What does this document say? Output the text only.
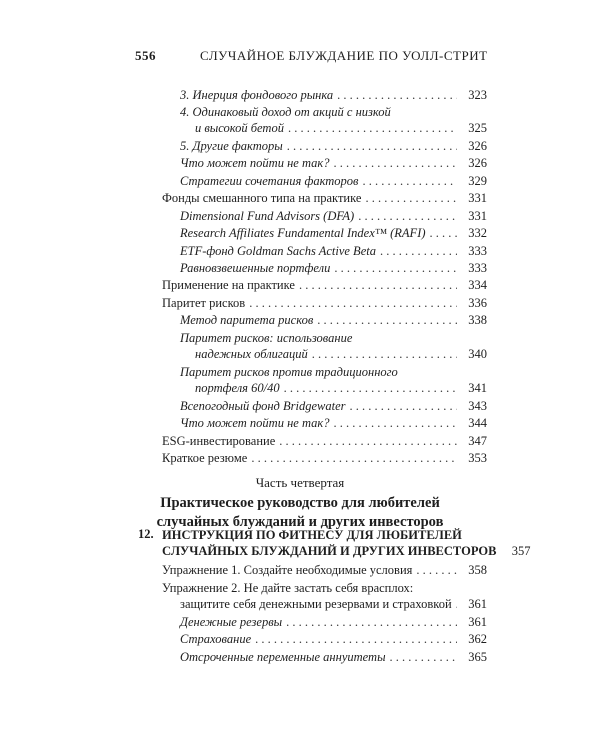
556	СЛУЧАЙНОЕ БЛУЖДАНИЕ ПО УОЛЛ-СТРИТ
3. Инерция фондового рынка . . .	323
4. Одинаковый доход от акций с низкой
и высокой бетой . . .	325
5. Другие факторы . . .	326
Что может пойти не так? . . .	326
Стратегии сочетания факторов . . .	329
Фонды смешанного типа на практике . . .	331
Dimensional Fund Advisors (DFA) . . .	331
Research Affiliates Fundamental Index™ (RAFI) . . .	332
ETF-фонд Goldman Sachs Active Beta . . .	333
Равновзвешенные портфели . . .	333
Применение на практике . . .	334
Паритет рисков . . .	336
Метод паритета рисков . . .	338
Паритет рисков: использование
надежных облигаций . . .	340
Паритет рисков против традиционного
портфеля 60/40 . . .	341
Всепогодный фонд Bridgewater . . .	343
Что может пойти не так? . . .	344
ESG-инвестирование . . .	347
Краткое резюме . . .	353
Часть четвертая
Практическое руководство для любителей
случайных блужданий и других инвесторов
12. ИНСТРУКЦИЯ ПО ФИТНЕСУ ДЛЯ ЛЮБИТЕЛЕЙ
СЛУЧАЙНЫХ БЛУЖДАНИЙ И ДРУГИХ ИНВЕСТОРОВ	357
Упражнение 1. Создайте необходимые условия . . .	358
Упражнение 2. Не дайте застать себя врасплох:
защитите себя денежными резервами и страховкой . . .	361
Денежные резервы . . .	361
Страхование . . .	362
Отсроченные переменные аннуитеты . . .	365
